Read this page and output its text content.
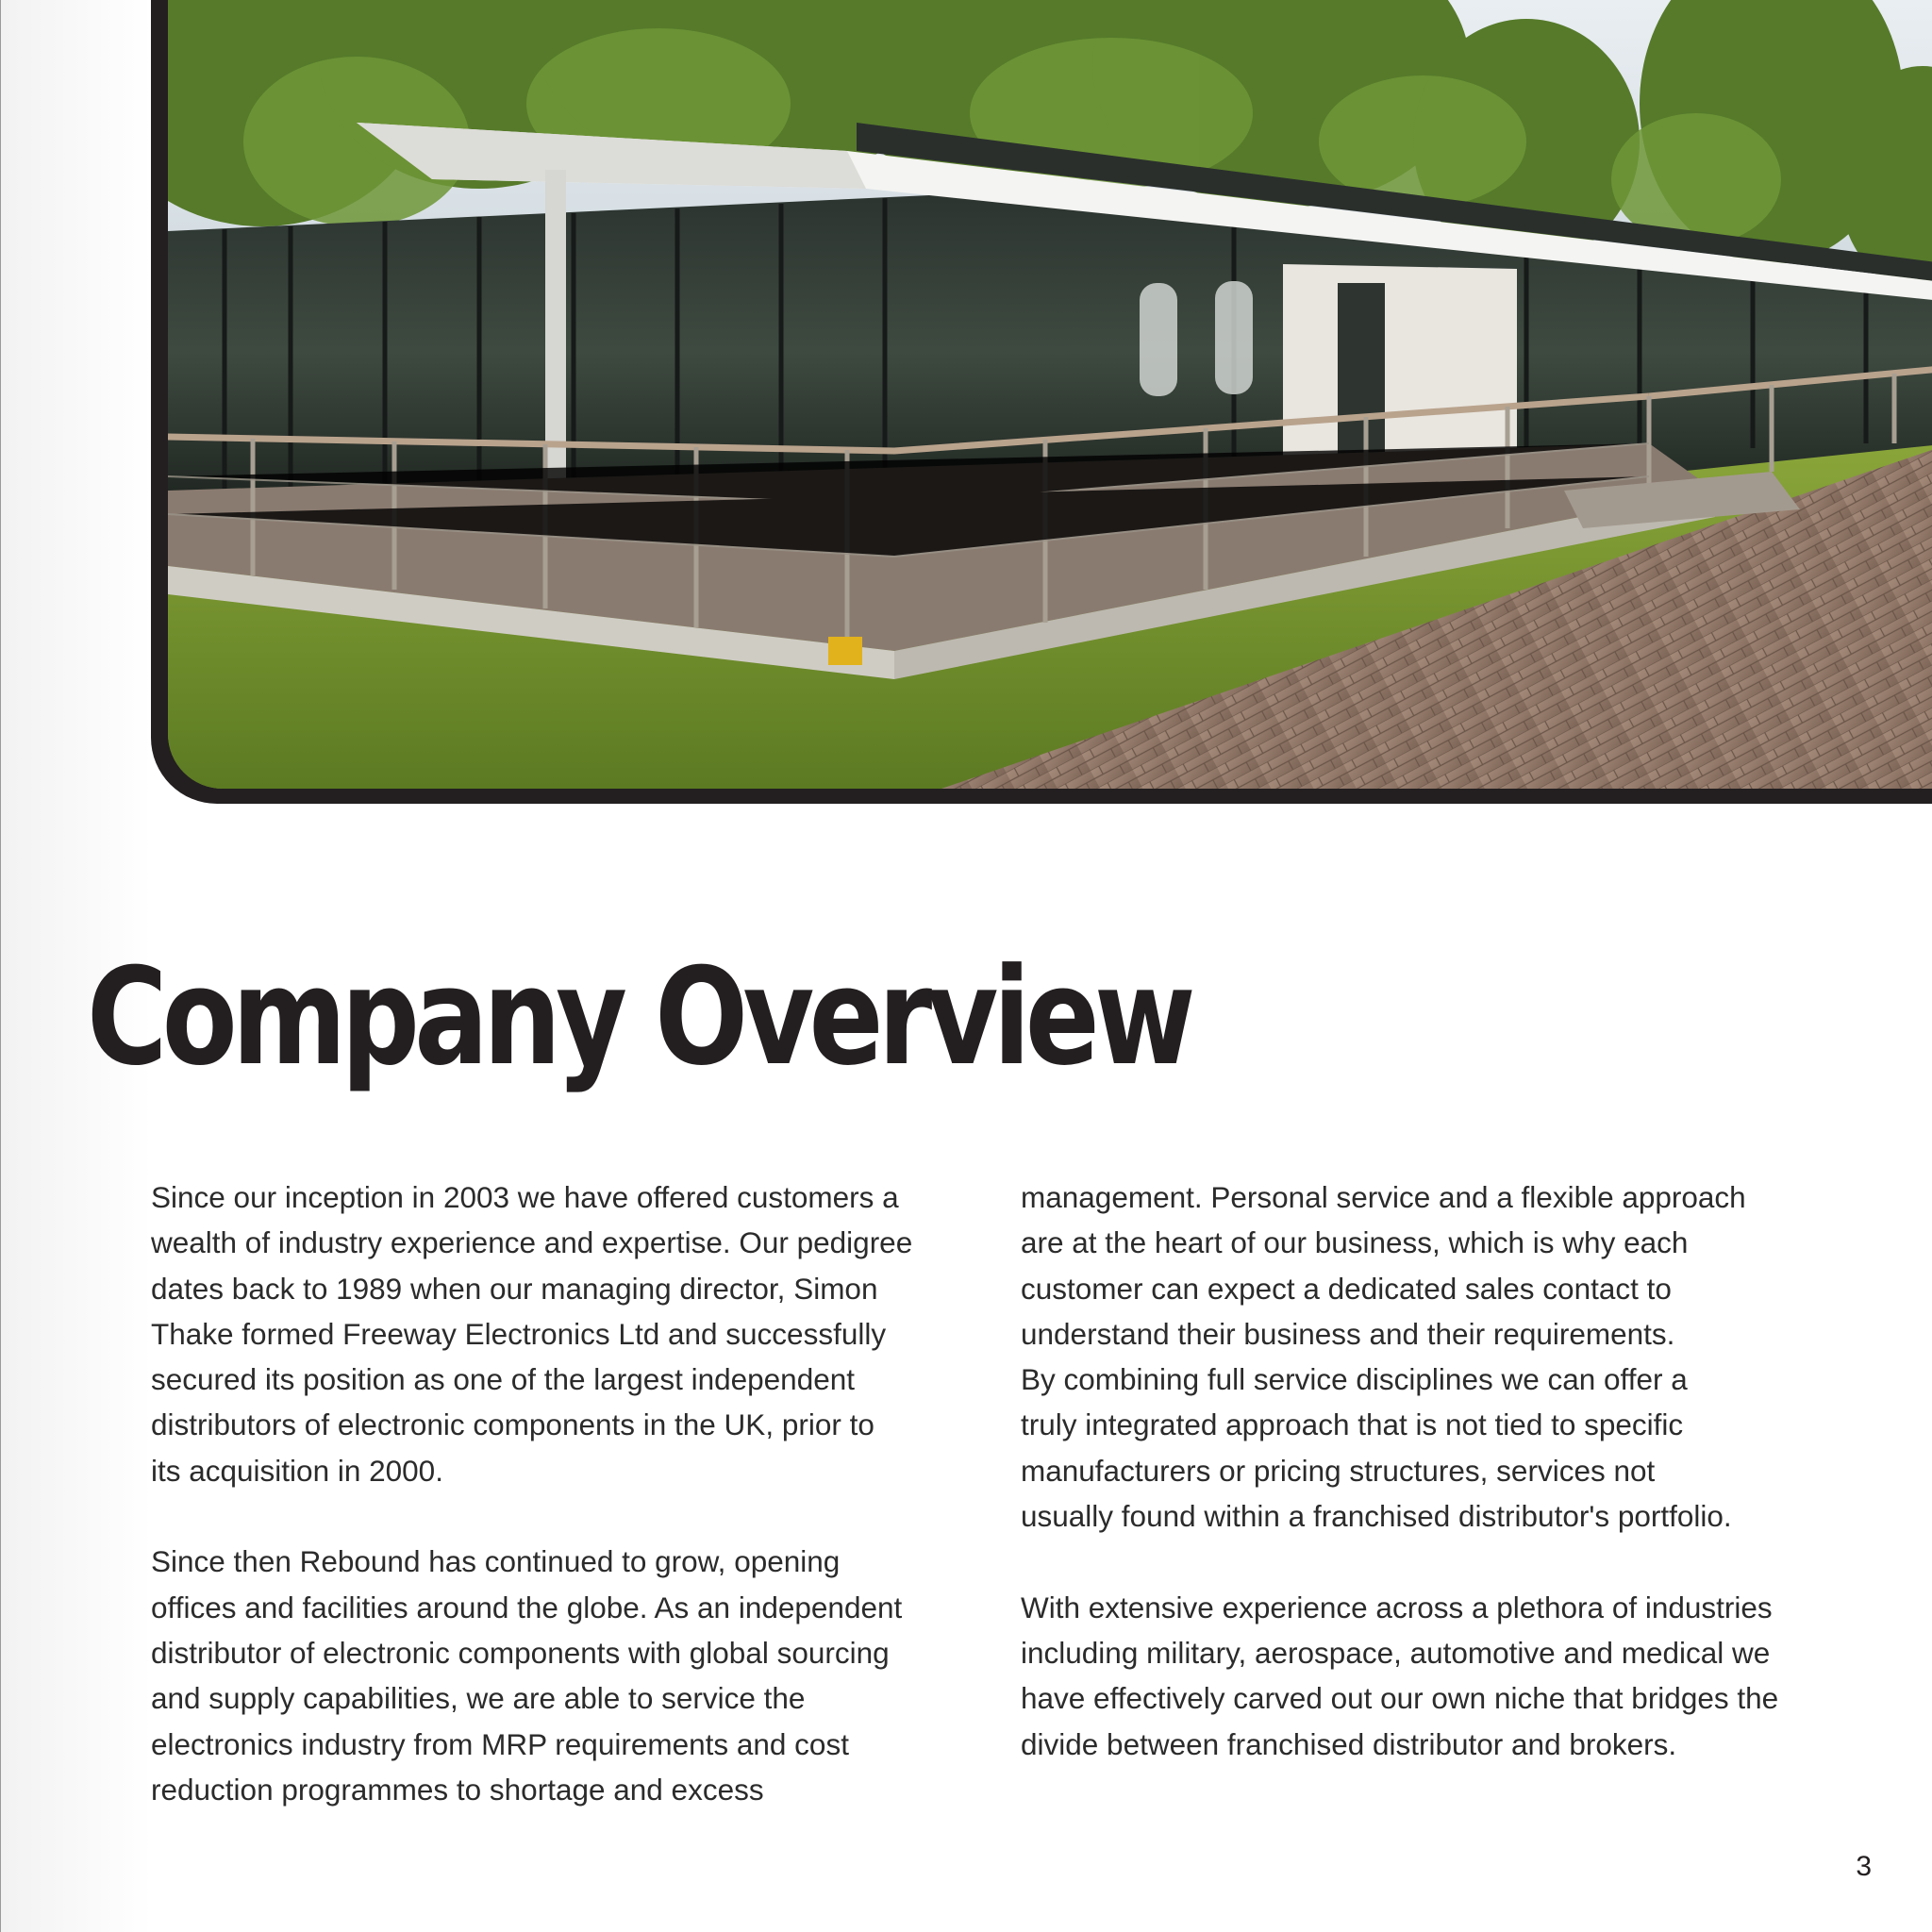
Company Overview

Since our inception in 2003 we have offered customers a
wealth of industry experience and expertise. Our pedigree
dates back to 1989 when our managing director, Simon
Thake formed Freeway Electronics Ltd and successfully
secured its position as one of the largest independent
distributors of electronic components in the UK, prior to
its acquisition in 2000.

Since then Rebound has continued to grow, opening
offices and facilities around the globe. As an independent
distributor of electronic components with global sourcing
and supply capabilities, we are able to service the
electronics industry from MRP requirements and cost
reduction programmes to shortage and excess

management. Personal service and a flexible approach
are at the heart of our business, which is why each
customer can expect a dedicated sales contact to
understand their business and their requirements.
By combining full service disciplines we can offer a
truly integrated approach that is not tied to specific
manufacturers or pricing structures, services not
usually found within a franchised distributor's portfolio.

With extensive experience across a plethora of industries
including military, aerospace, automotive and medical we
have effectively carved out our own niche that bridges the
divide between franchised distributor and brokers.

3
